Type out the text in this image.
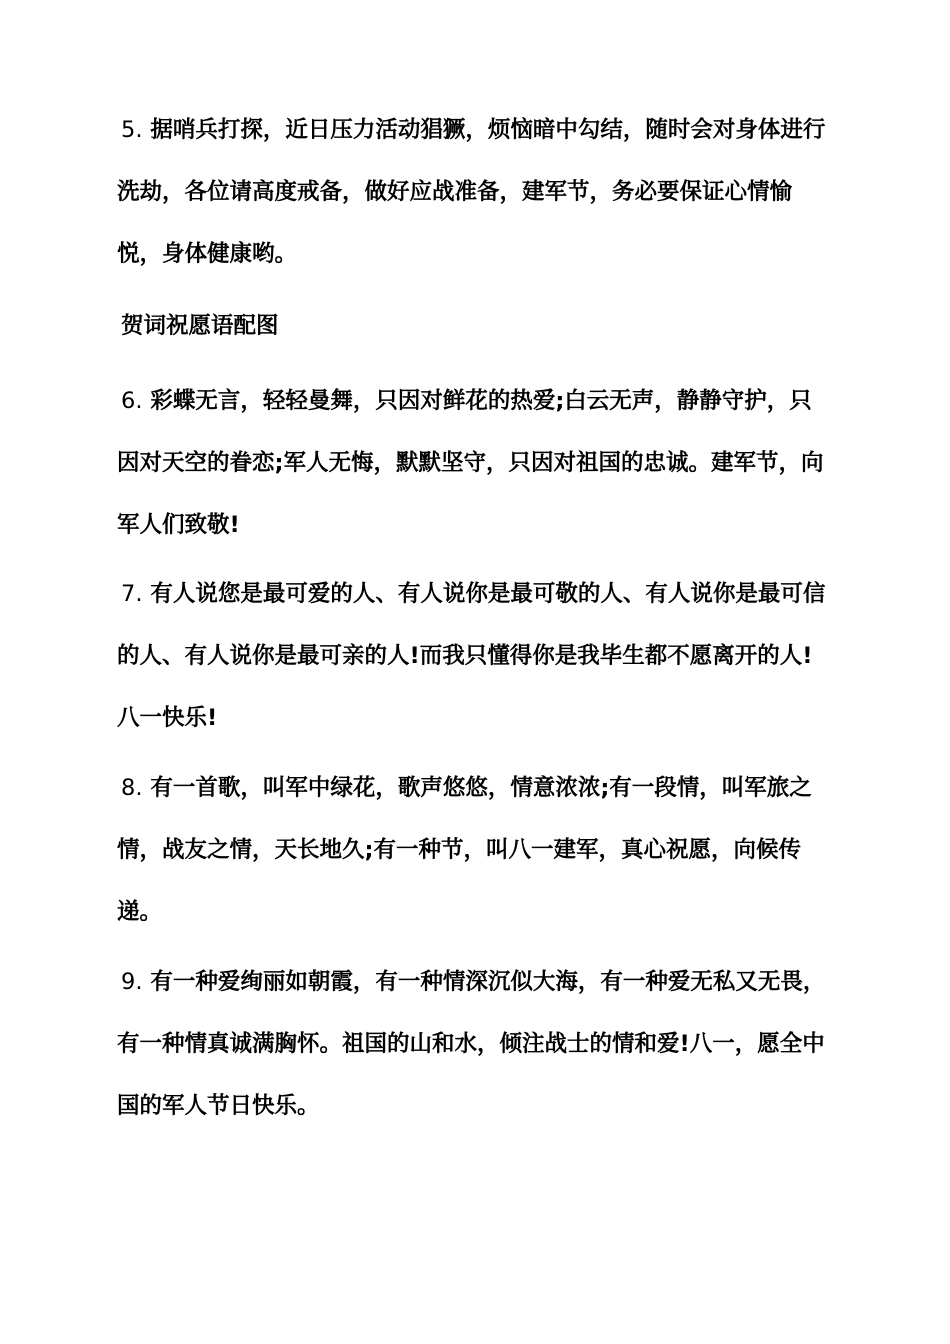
5. 据哨兵打探，近日压力活动猖獗，烦恼暗中勾结，随时会对身体进行洗劫，各位请高度戒备，做好应战准备，建军节，务必要保证心情愉悦，身体健康哟。

贺词祝愿语配图

6. 彩蝶无言，轻轻曼舞，只因对鲜花的热爱;白云无声，静静守护，只因对天空的眷恋;军人无悔，默默坚守，只因对祖国的忠诚。建军节，向军人们致敬!

7. 有人说您是最可爱的人、有人说你是最可敬的人、有人说你是最可信的人、有人说你是最可亲的人!而我只懂得你是我毕生都不愿离开的人!八一快乐!

8. 有一首歌，叫军中绿花，歌声悠悠，情意浓浓;有一段情，叫军旅之情，战友之情，天长地久;有一种节，叫八一建军，真心祝愿，向候传递。

9. 有一种爱绚丽如朝霞，有一种情深沉似大海，有一种爱无私又无畏，有一种情真诚满胸怀。祖国的山和水，倾注战士的情和爱!八一，愿全中国的军人节日快乐。
